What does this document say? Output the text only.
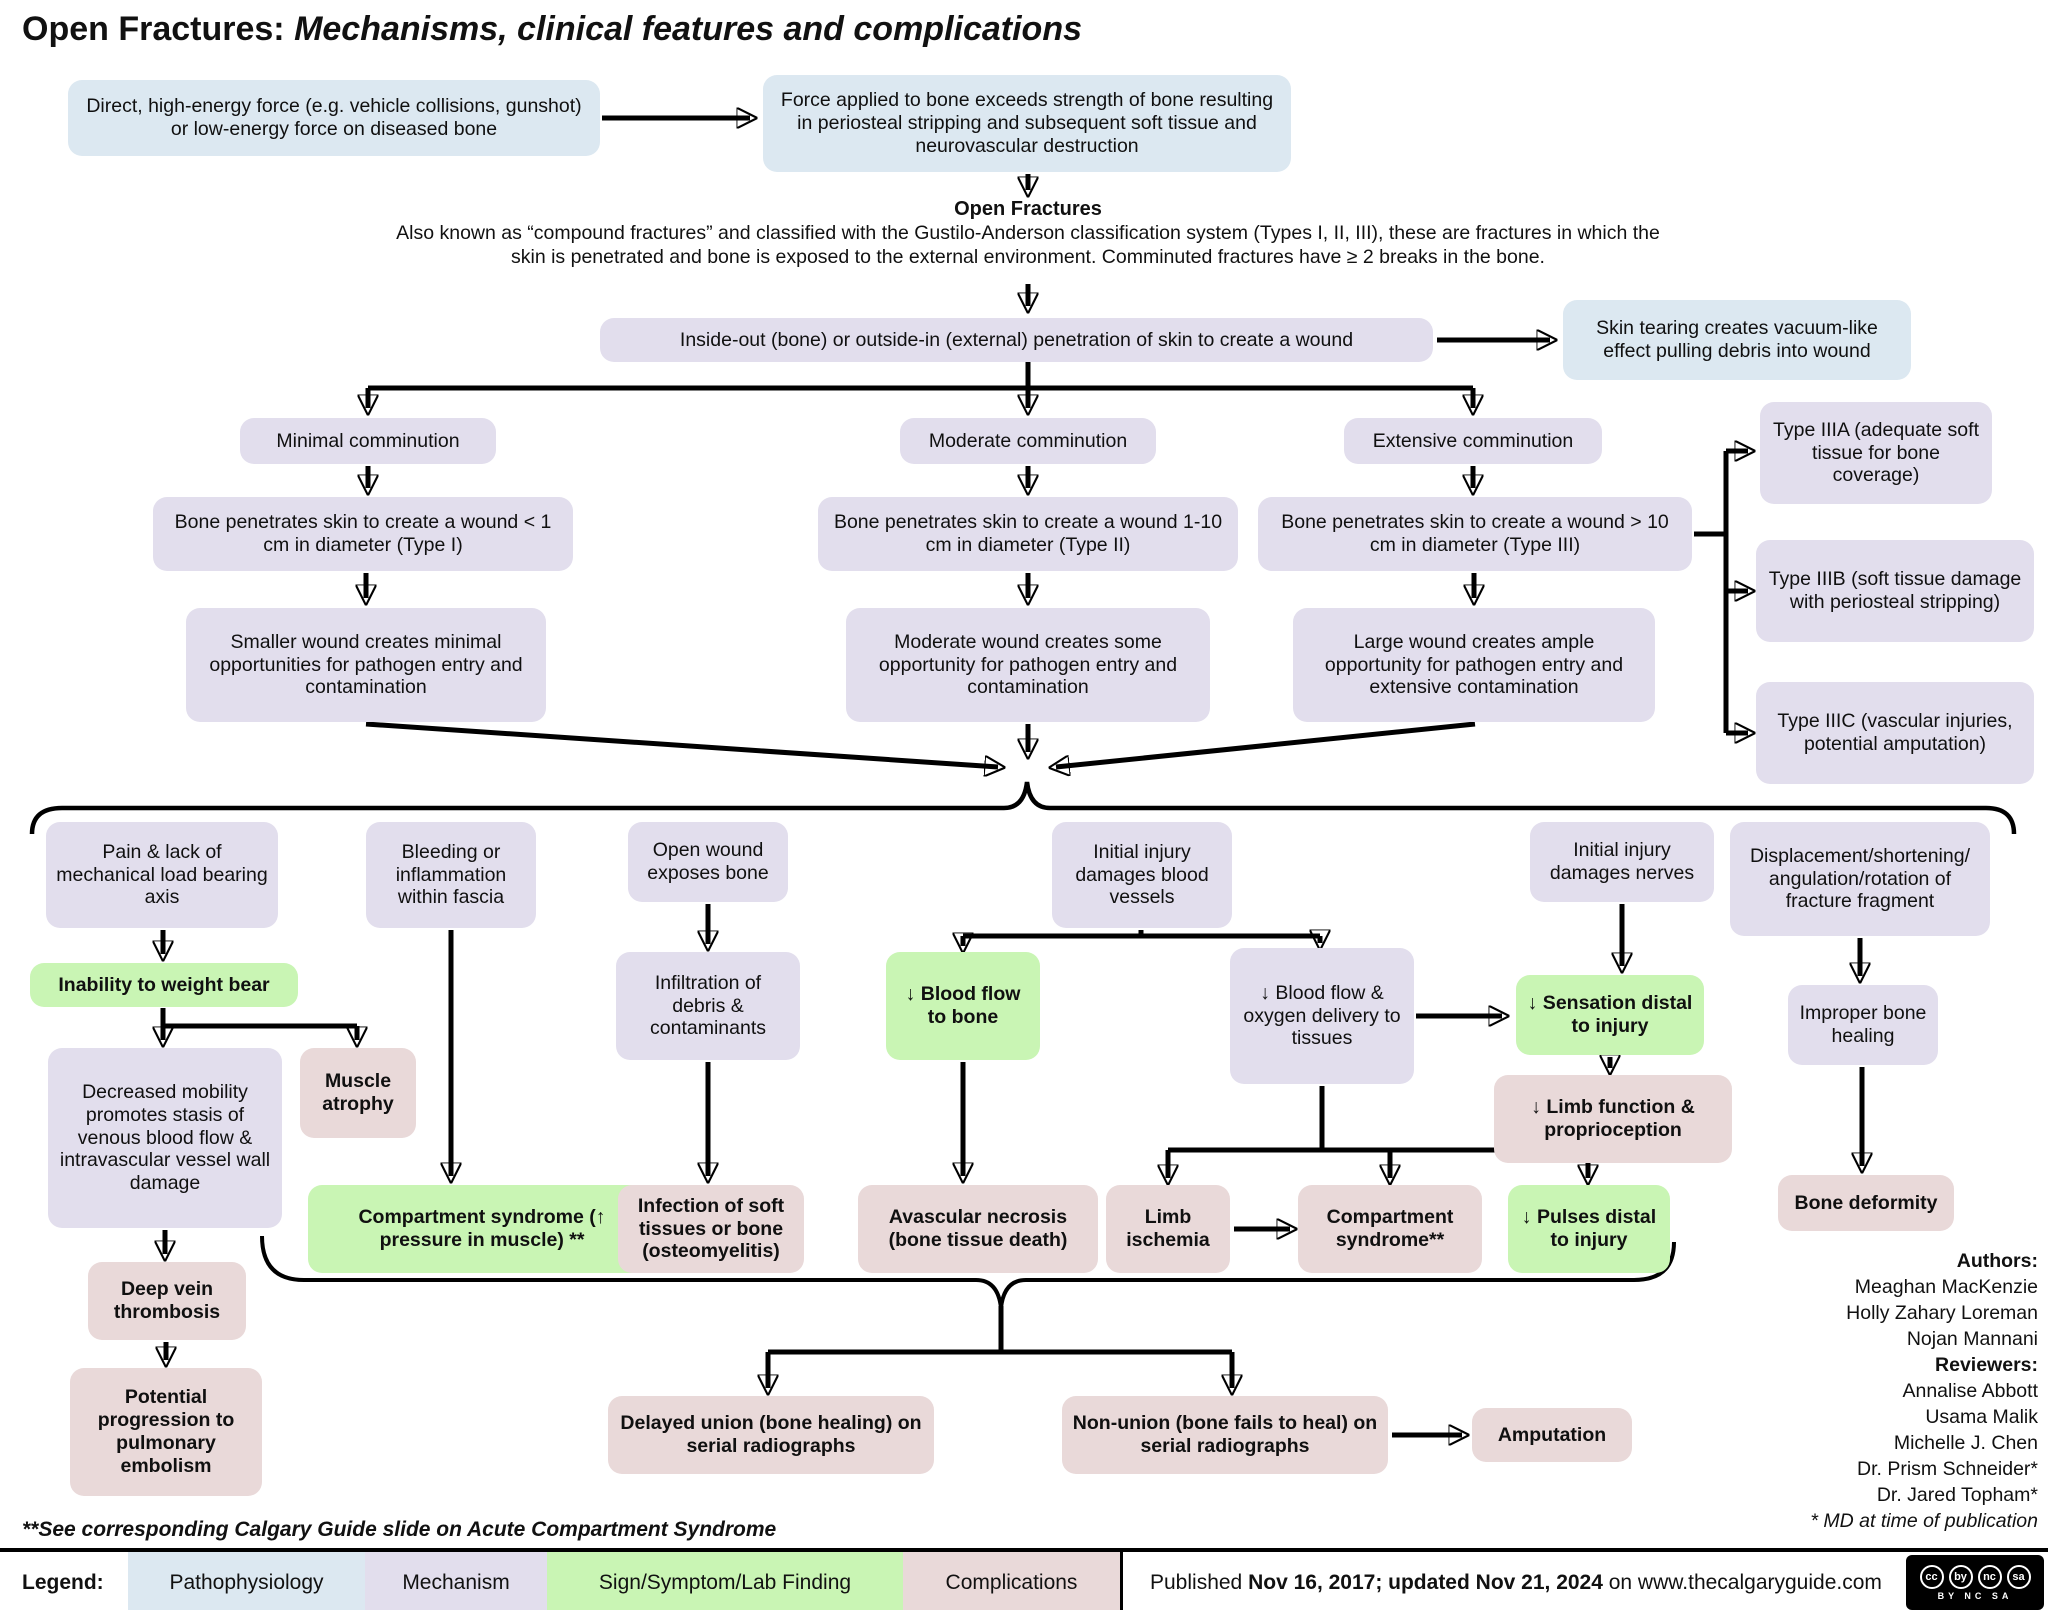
Open Fractures: Mechanisms, clinical features and complications
Open Fractures
Also known as “compound fractures” and classified with the Gustilo-Anderson classification system (Types I, II, III), these are fractures in which the
skin is penetrated and bone is exposed to the external environment. Comminuted fractures have ≥ 2 breaks in the bone.
Direct, high-energy force (e.g. vehicle collisions, gunshot) or low-energy force on diseased bone
Force applied to bone exceeds strength of bone resulting in periosteal stripping and subsequent soft tissue and neurovascular destruction
Inside-out (bone) or outside-in (external) penetration of skin to create a wound
Skin tearing creates vacuum-like effect pulling debris into wound
Minimal comminution	Moderate comminution	Extensive comminution
Bone penetrates skin to create a wound < 1 cm in diameter (Type I)
Bone penetrates skin to create a wound 1-10 cm in diameter (Type II)
Bone penetrates skin to create a wound > 10 cm in diameter (Type III)
Type IIIA (adequate soft tissue for bone coverage)
Type IIIB (soft tissue damage with periosteal stripping)
Type IIIC (vascular injuries, potential amputation)
Smaller wound creates minimal opportunities for pathogen entry and contamination
Moderate wound creates some opportunity for pathogen entry and contamination
Large wound creates ample opportunity for pathogen entry and extensive contamination
Pain & lack of mechanical load bearing axis
Inability to weight bear
Decreased mobility promotes stasis of venous blood flow & intravascular vessel wall damage
Muscle atrophy
Deep vein thrombosis
Potential progression to pulmonary embolism
Bleeding or inflammation within fascia
Compartment syndrome (↑ pressure in muscle) **
Open wound exposes bone
Infiltration of debris & contaminants
Infection of soft tissues or bone (osteomyelitis)
Initial injury damages blood vessels
↓ Blood flow to bone
Avascular necrosis (bone tissue death)
↓ Blood flow & oxygen delivery to tissues
Limb ischemia
Compartment syndrome**
↓ Pulses distal to injury
Initial injury damages nerves
↓ Sensation distal to injury
↓ Limb function & proprioception
Displacement/shortening/ angulation/rotation of fracture fragment
Improper bone healing
Bone deformity
Delayed union (bone healing) on serial radiographs
Non-union (bone fails to heal) on serial radiographs
Amputation
Authors:
Meaghan MacKenzie
Holly Zahary Loreman
Nojan Mannani
Reviewers:
Annalise Abbott
Usama Malik
Michelle J. Chen
Dr. Prism Schneider*
Dr. Jared Topham*
* MD at time of publication
**See corresponding Calgary Guide slide on Acute Compartment Syndrome
Legend:	Pathophysiology	Mechanism	Sign/Symptom/Lab Finding	Complications	Published Nov 16, 2017; updated Nov 21, 2024 on www.thecalgaryguide.com	cc	by	nc	sa
BY NC SA
